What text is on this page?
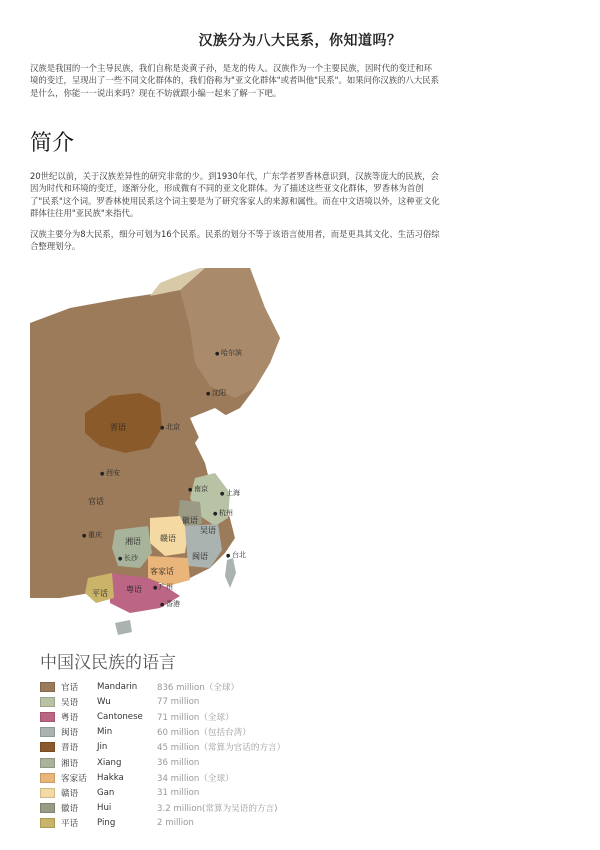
汉族分为八大民系，你知道吗？

汉族是我国的一个主导民族，我们自称是炎黄子孙，是龙的传人。汉族作为一个主要民族，因时代的变迁和环境的变迁，呈现出了一些不同文化群体的，我们俗称为"亚文化群体"或者叫他"民系"。如果问你汉族的八大民系是什么，你能一一说出来吗？现在不妨就跟小编一起来了解一下吧。

简介

20世纪以前，关于汉族差异性的研究非常的少。到1930年代，广东学者罗香林意识到，汉族等庞大的民族，会因为时代和环境的变迁，逐渐分化，形成微有不同的亚文化群体。为了描述这些亚文化群体，罗香林为首创了"民系"这个词。罗香林使用民系这个词主要是为了研究客家人的来源和属性。而在中文语境以外，这种亚文化群体往往用"亚民族"来指代。

汉族主要分为8大民系，细分可划为16个民系。民系的划分不等于该语言使用者，而是更具其文化、生活习俗综合整理划分。

● 哈尔滨
● 沈阳
● 北京
● 西安
● 南京
● 上海
● 杭州
● 重庆
● 长沙
● 广州
● 台北
● 香港
晋语
官话
徽语
吴语
湘语 赣语
闽语
客家话
粤语
平话
中国汉民族的语言
官话	Mandarin	836 million（全球）
吴语	Wu	77 million
粤语	Cantonese	71 million（全球）
闽语	Min	60 million（包括台湾）
晋语	Jin	45 million（常算为官话的方言）
湘语	Xiang	36 million
客家话	Hakka	34 million（全球）
赣语	Gan	31 million
徽语	Hui	3.2 million(常算为吴语的方言)
平话	Ping	2 million
